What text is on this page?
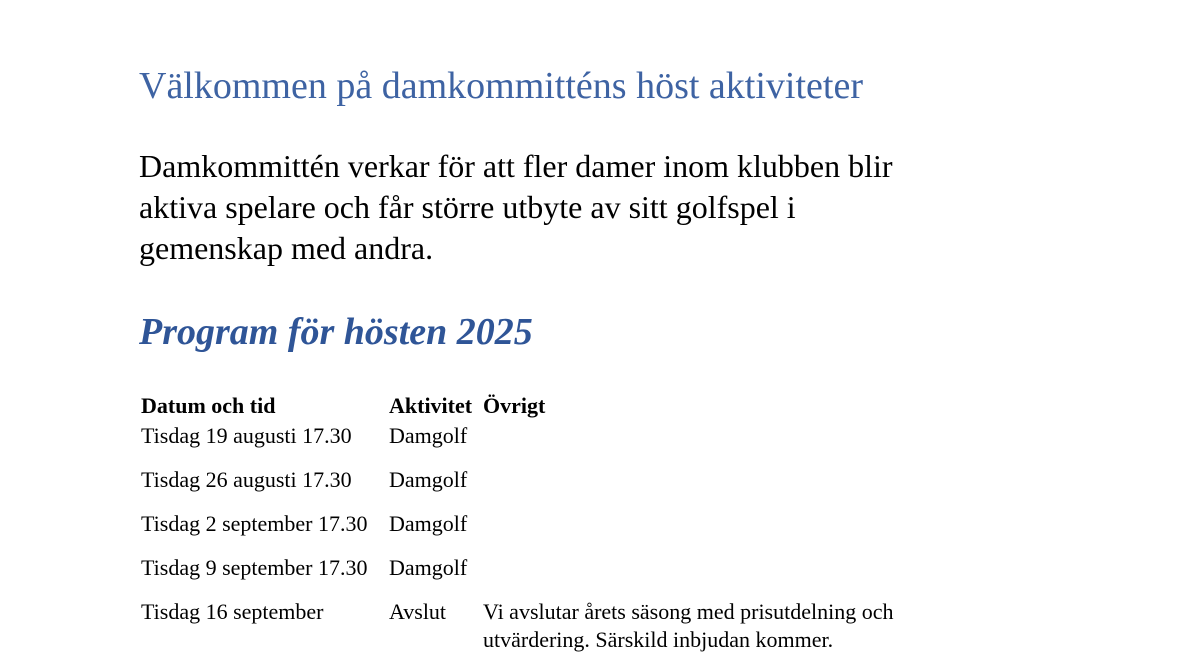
Välkommen på damkommitténs höst aktiviteter

Damkommittén verkar för att fler damer inom klubben blir
aktiva spelare och får större utbyte av sitt golfspel i
gemenskap med andra.

Program för hösten 2025
Datum och tid	Aktivitet Övrigt
Tisdag 19 augusti 17.30	Damgolf
Tisdag 26 augusti 17.30	Damgolf
Tisdag 2 september 17.30 Damgolf
Tisdag 9 september 17.30 Damgolf
Tisdag 16 september	Avslut	Vi avslutar årets säsong med prisutdelning och
utvärdering. Särskild inbjudan kommer.
